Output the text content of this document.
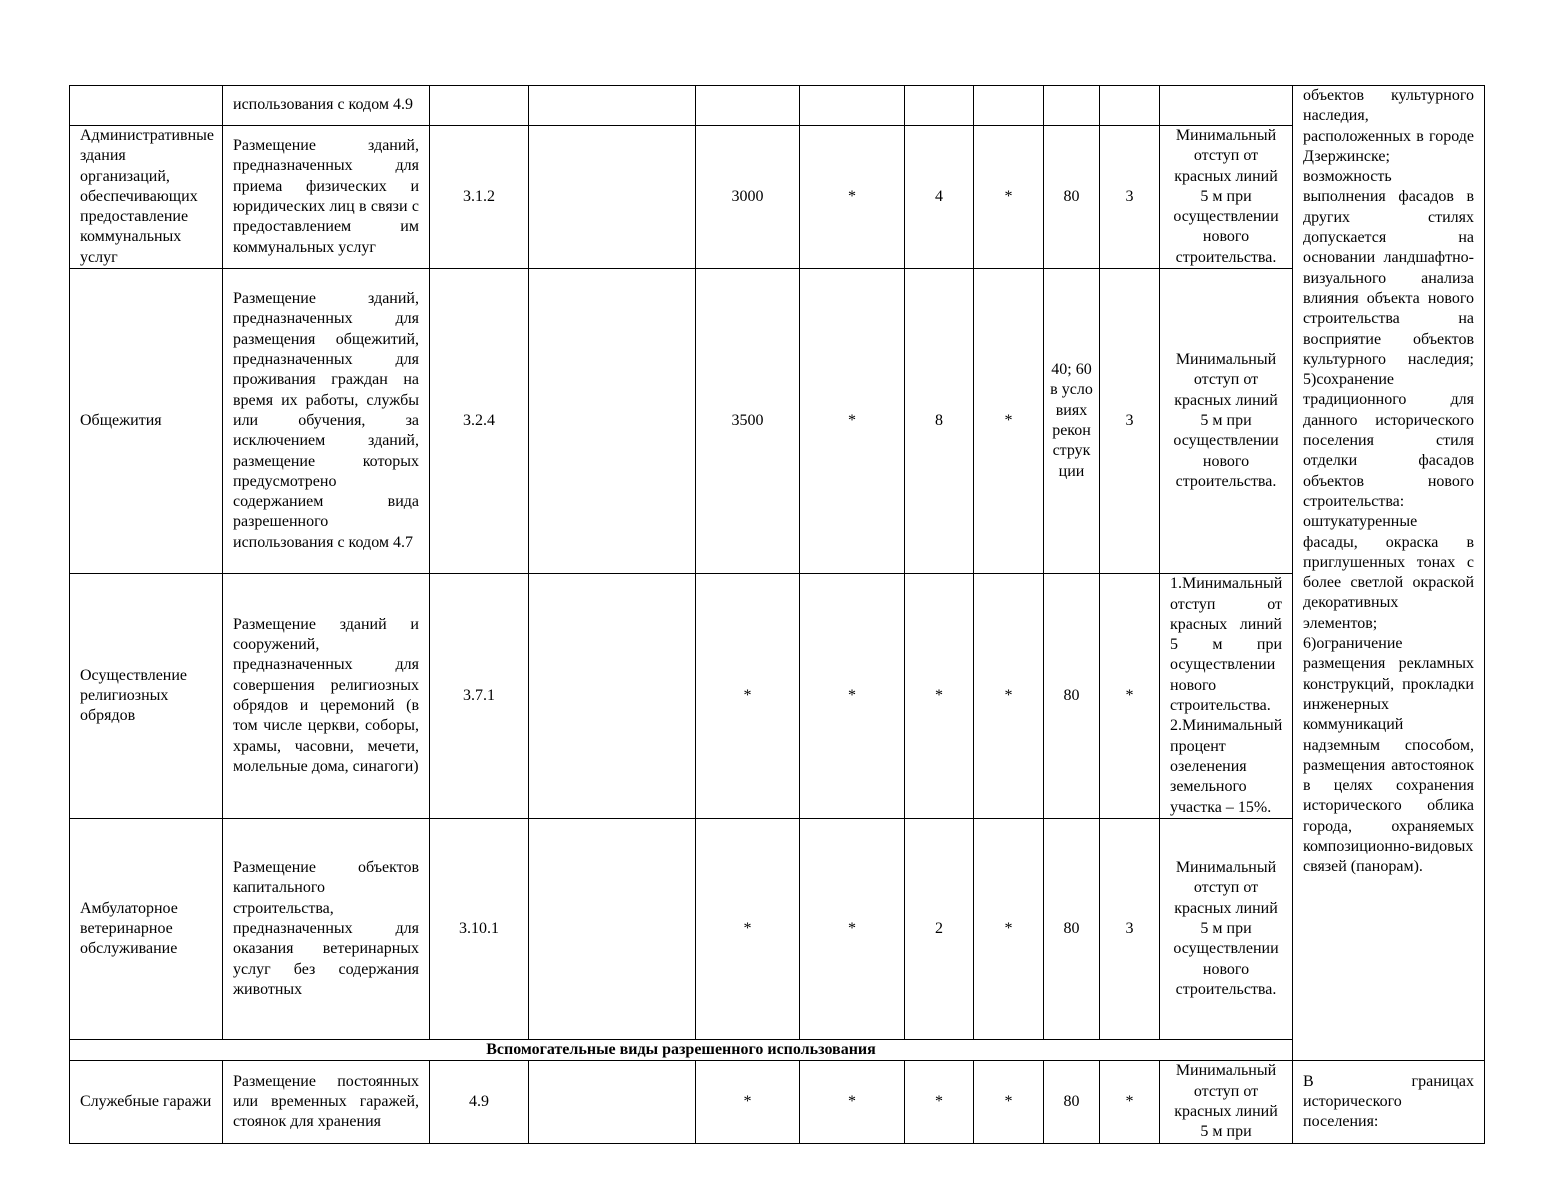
	использования с кодом 4.9										объектов культурного наследия, расположенных в городе Дзержинске; возможность выполнения фасадов в других стилях допускается на основании ландшафтно-визуального анализа влияния объекта нового строительства на восприятие объектов культурного наследия; 5)сохранение традиционного для данного исторического поселения стиля отделки фасадов объектов нового строительства: оштукатуренные фасады, окраска в приглушенных тонах с более светлой окраской декоративных элементов; 6)ограничение размещения рекламных конструкций, прокладки инженерных коммуникаций надземным способом, размещения автостоянок в целях сохранения исторического облика города, охраняемых композиционно-видовых связей (панорам).
Административные здания организаций, обеспечивающих предоставление коммунальных услуг	Размещение зданий, предназначенных для приема физических и юридических лиц в связи с предоставлением им коммунальных услуг	3.1.2		3000	*	4	*	80	3	Минимальный отступ от красных линий 5 м при осуществлении нового строительства.	
Общежития	Размещение зданий, предназначенных для размещения общежитий, предназначенных для проживания граждан на время их работы, службы или обучения, за исключением зданий, размещение которых предусмотрено содержанием вида разрешенного использования с кодом 4.7	3.2.4		3500	*	8	*	40; 60 в условиях реконструкции	3	Минимальный отступ от красных линий 5 м при осуществлении нового строительства.	
Осуществление религиозных обрядов	Размещение зданий и сооружений, предназначенных для совершения религиозных обрядов и церемоний (в том числе церкви, соборы, храмы, часовни, мечети, молельные дома, синагоги)	3.7.1		*	*	*	*	80	*	1.Минимальный отступ от красных линий 5 м при осуществлении нового строительства. 2.Минимальный процент озеленения земельного участка – 15%.	
Амбулаторное ветеринарное обслуживание	Размещение объектов капитального строительства, предназначенных для оказания ветеринарных услуг без содержания животных	3.10.1		*	*	2	*	80	3	Минимальный отступ от красных линий 5 м при осуществлении нового строительства.	
Вспомогательные виды разрешенного использования											
Служебные гаражи	Размещение постоянных или временных гаражей, стоянок для хранения	4.9		*	*	*	*	80	*	Минимальный отступ от красных линий 5 м при	В границах исторического поселения:
